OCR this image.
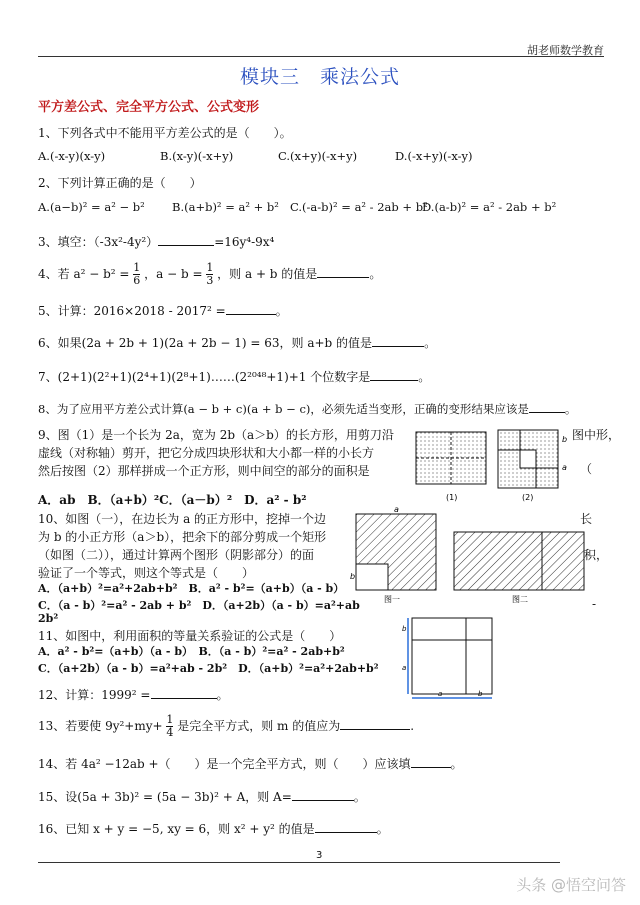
胡老师数学教育
模块三　乘法公式
平方差公式、完全平方公式、公式变形
1、下列各式中不能用平方差公式的是（　　）。
A.(-x-y)(x-y)	B.(x-y)(-x+y)	C.(x+y)(-x+y)	D.(-x+y)(-x-y)
2、下列计算正确的是（　　）
A.(a−b)² = a² − b² B.(a+b)² = a² + b² C.(-a-b)² = a² - 2ab + b²
D.(a-b)² = a² - 2ab + b²
3、填空：（-3x²-4y²）	=16y⁴-9x⁴
4、若 $a^2 - b^2 = \frac{1}{6}$ ，$a - b = \frac{1}{3}$ ，则 a + b 的值是	。
5、计算：2016×2018 - 2017² =	。
6、如果(2a + 2b + 1)(2a + 2b − 1) = 63，则 a+b 的值是	。
7、(2+1)(2²+1)(2⁴+1)(2⁸+1)……(2²⁰⁴⁸+1)+1 个位数字是	。
8、为了应用平方差公式计算(a − b + c)(a + b − c)，必须先适当变形，正确的变形结果应该是	。
9、图（1）是一个长为 2a，宽为 2b（a＞b）的长方形，用剪刀沿
虚线（对称轴）剪开，把它分成四块形状和大小都一样的小长方
然后按图（2）那样拼成一个正方形，则中间空的部分的面积是
图中形，
（
A．ab　B．（a+b）²C．（a－b）²　D．a² - b²
b
a
(1)	(2)
10、如图（一），在边长为 a 的正方形中，挖掉一个边
为 b 的小正方形（a＞b），把余下的部分剪成一个矩形
（如图（二）），通过计算两个图形（阴影部分）的面
验证了一个等式，则这个等式是（　　）
长
积，
A．（a+b）²=a²+2ab+b²　B．a² - b²=（a+b）（a - b）
C．（a - b）²=a² - 2ab + b²　D．（a+2b）（a - b）=a²+ab	-
2b²
a
b
图一	图二
11、如图中，利用面积的等量关系验证的公式是（　　）
A．a² - b²=（a+b）（a - b）　B．（a - b）²=a² - 2ab+b²
C．（a+2b）（a - b）=a²+ab - 2b²　D．（a+b）²=a²+2ab+b²
b
a
a	b
12、计算：1999² =	。
13、若要使 $9y^2+my+ \frac{1}{4}$ 是完全平方式，则 m 的值应为	.
14、若 4a² −12ab +（　　）是一个完全平方式，则（　　）应该填	。
15、设(5a + 3b)² = (5a − 3b)² + A，则 A=	。
16、已知 x + y = −5, xy = 6，则 x² + y² 的值是	。
3
头条 @悟空问答
